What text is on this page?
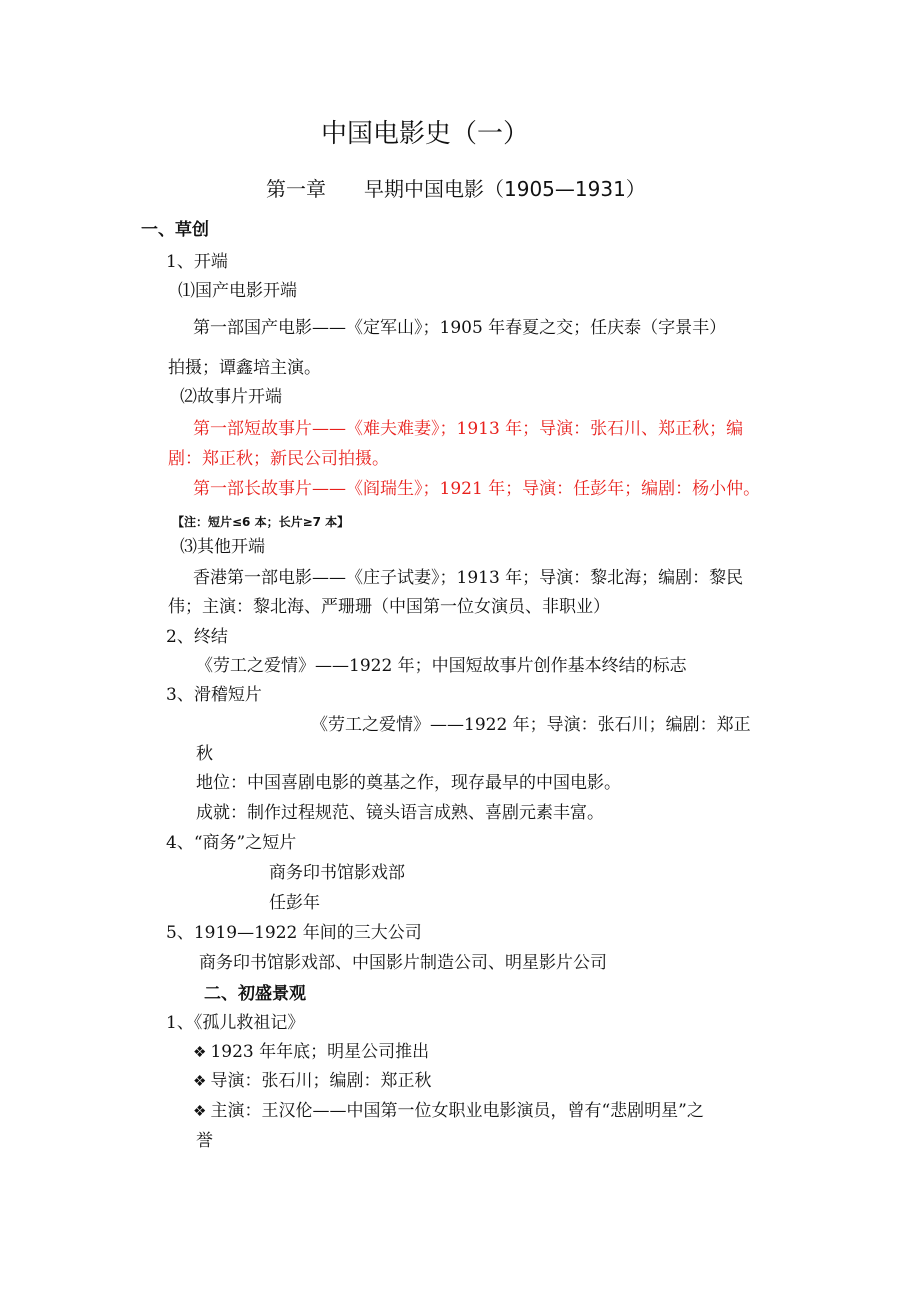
中国电影史（一）
第一章 早期中国电影（1905—1931）
一、草创
1、开端
⑴国产电影开端
第一部国产电影——《定军山》；1905 年春夏之交；任庆泰（字景丰）
拍摄；谭鑫培主演。
⑵故事片开端
第一部短故事片——《难夫难妻》；1913 年；导演：张石川、郑正秋；编
剧：郑正秋；新民公司拍摄。
第一部长故事片——《阎瑞生》；1921 年；导演：任彭年；编剧：杨小仲。
【注：短片≤6 本；长片≥7 本】
⑶其他开端
香港第一部电影——《庄子试妻》；1913 年；导演：黎北海；编剧：黎民
伟；主演：黎北海、严珊珊（中国第一位女演员、非职业）
2、终结
《劳工之爱情》——1922 年；中国短故事片创作基本终结的标志
3、滑稽短片
《劳工之爱情》——1922 年；导演：张石川；编剧：郑正
秋
地位：中国喜剧电影的奠基之作，现存最早的中国电影。
成就：制作过程规范、镜头语言成熟、喜剧元素丰富。
4、“商务”之短片
商务印书馆影戏部
任彭年
5、1919—1922 年间的三大公司
商务印书馆影戏部、中国影片制造公司、明星影片公司
二、初盛景观
1、《孤儿救祖记》
❖ 1923 年年底；明星公司推出
❖ 导演：张石川；编剧：郑正秋
❖ 主演：王汉伦——中国第一位女职业电影演员，曾有“悲剧明星”之
誉
